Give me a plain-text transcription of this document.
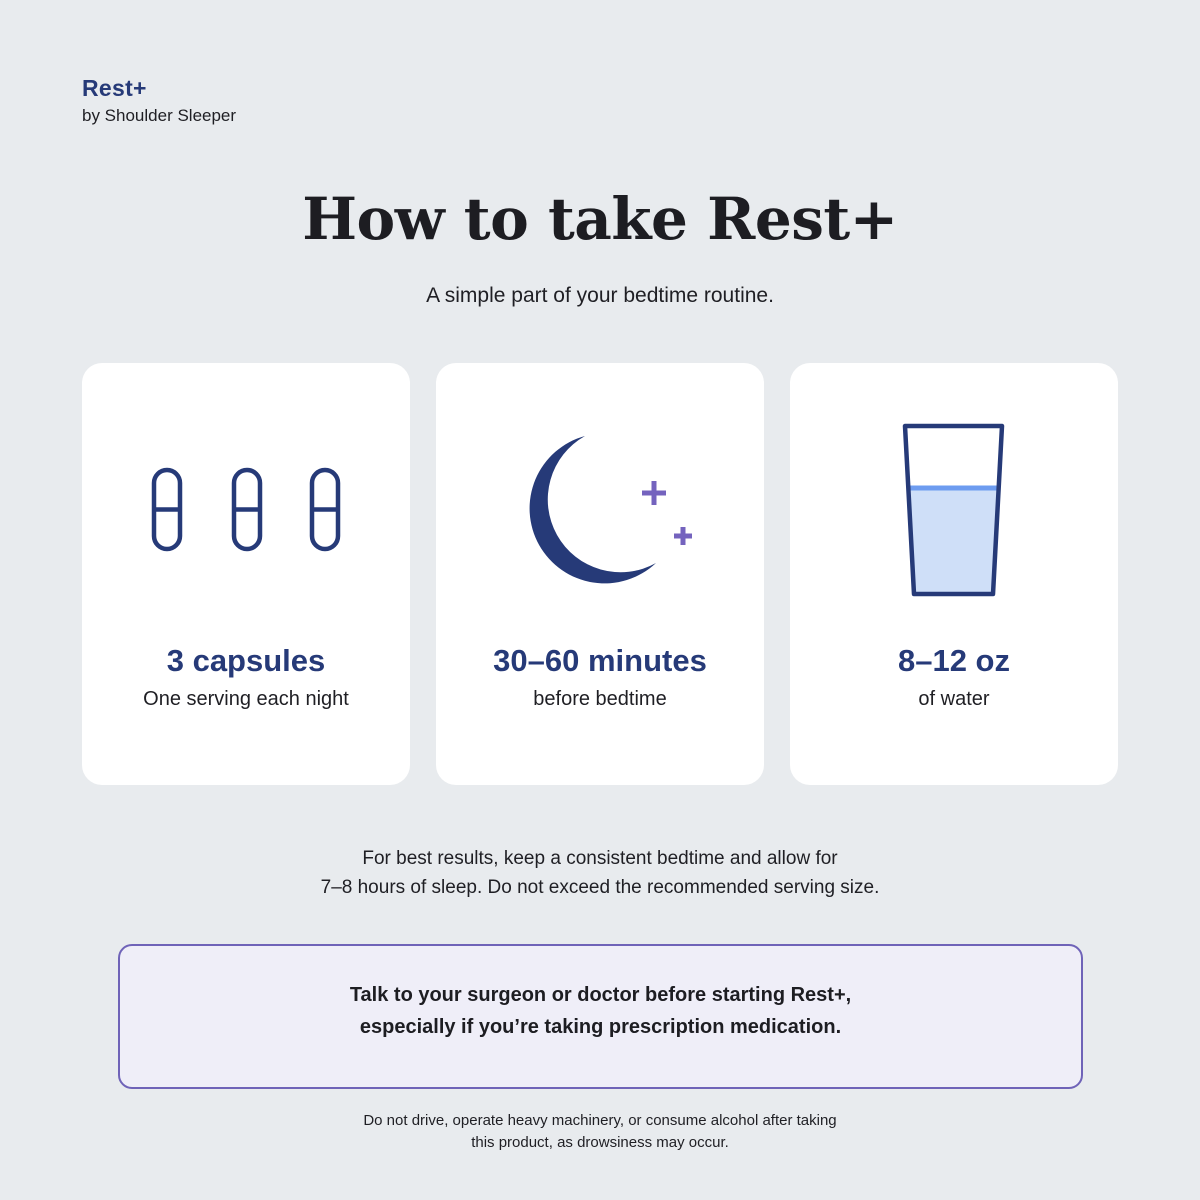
Rest+
by Shoulder Sleeper
How to take Rest+

A simple part of your bedtime routine.

3 capsules
One serving each night
30–60 minutes
before bedtime
8–12 oz
of water
For best results, keep a consistent bedtime and allow for
7–8 hours of sleep. Do not exceed the recommended serving size.
Talk to your surgeon or doctor before starting Rest+,
especially if you’re taking prescription medication.
Do not drive, operate heavy machinery, or consume alcohol after taking
this product, as drowsiness may occur.
